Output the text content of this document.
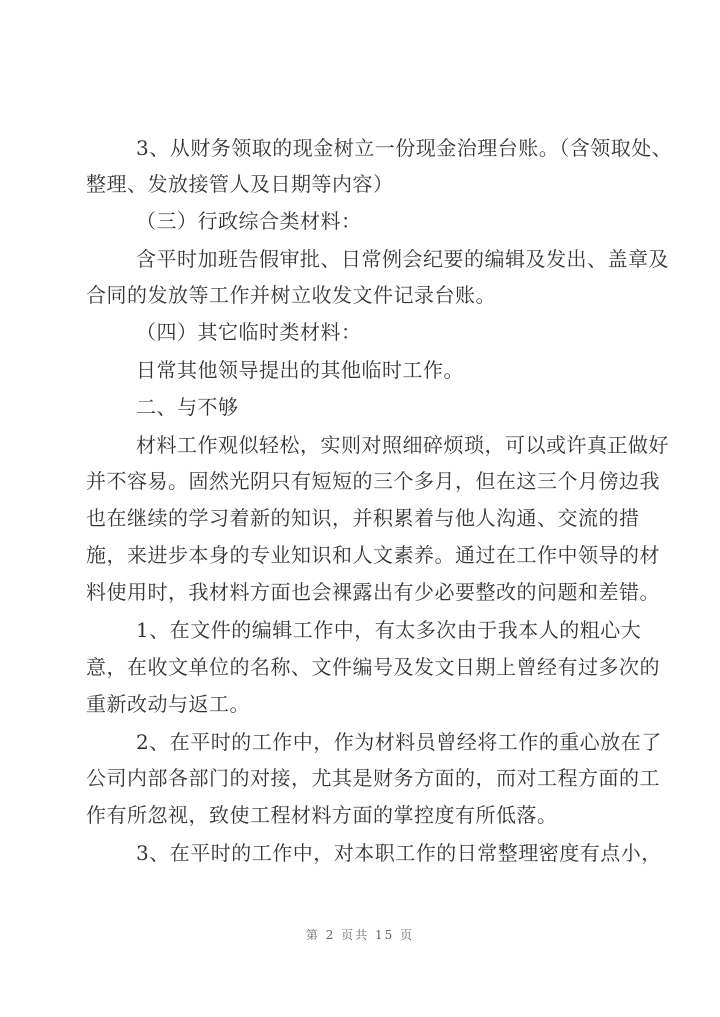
3、从财务领取的现金树立一份现金治理台账。（含领取处、
整理、发放接管人及日期等内容）
（三）行政综合类材料：
含平时加班告假审批、日常例会纪要的编辑及发出、盖章及
合同的发放等工作并树立收发文件记录台账。
（四）其它临时类材料：
日常其他领导提出的其他临时工作。
二、与不够
材料工作观似轻松，实则对照细碎烦琐，可以或许真正做好
并不容易。固然光阴只有短短的三个多月，但在这三个月傍边我
也在继续的学习着新的知识，并积累着与他人沟通、交流的措
施，来进步本身的专业知识和人文素养。通过在工作中领导的材
料使用时，我材料方面也会裸露出有少必要整改的问题和差错。
1、在文件的编辑工作中，有太多次由于我本人的粗心大
意，在收文单位的名称、文件编号及发文日期上曾经有过多次的
重新改动与返工。
2、在平时的工作中，作为材料员曾经将工作的重心放在了
公司内部各部门的对接，尤其是财务方面的，而对工程方面的工
作有所忽视，致使工程材料方面的掌控度有所低落。
3、在平时的工作中，对本职工作的日常整理密度有点小，
第 2 页共 15 页
